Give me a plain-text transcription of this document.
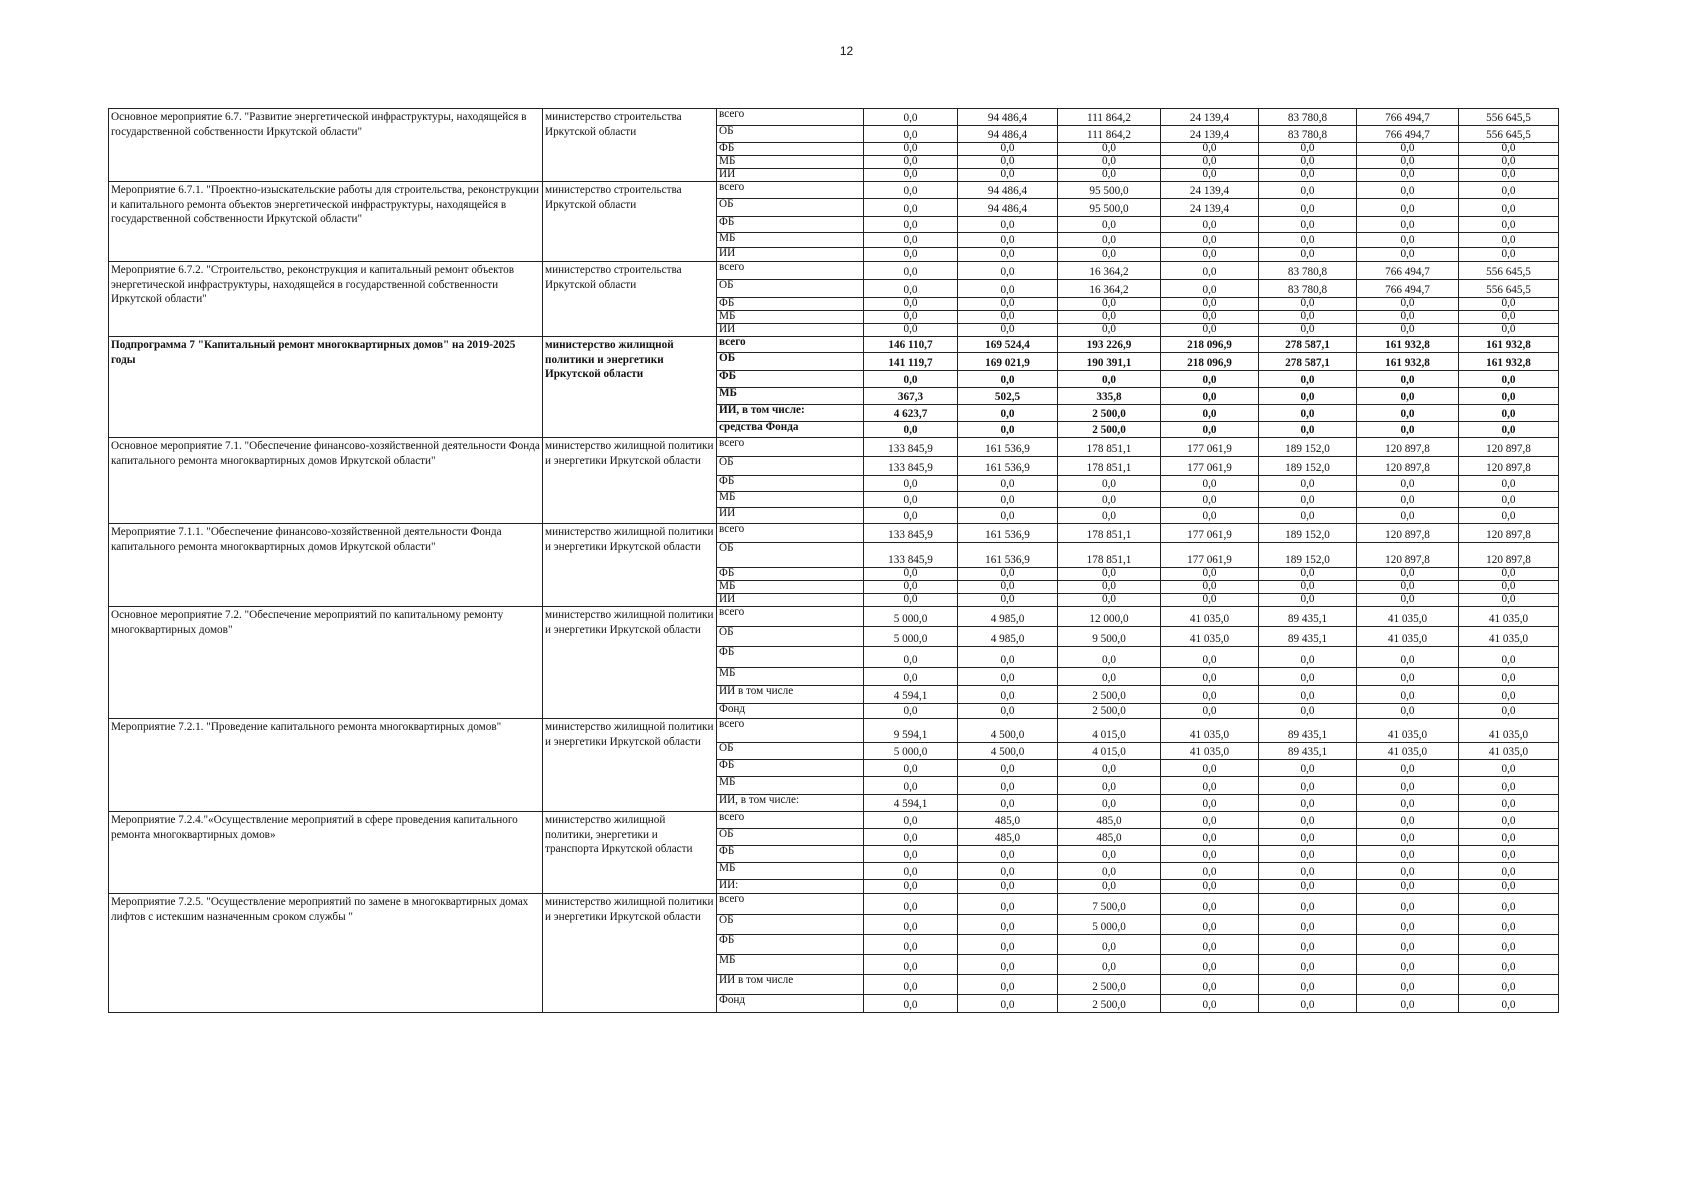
12
Основное мероприятие 6.7. "Развитие энергетической инфраструктуры, находящейся в государственной собственности Иркутской области"	министерство строительства Иркутской области	всего	0,0	94 486,4	111 864,2	24 139,4	83 780,8	766 494,7	556 645,5
		ОБ	0,0	94 486,4	111 864,2	24 139,4	83 780,8	766 494,7	556 645,5
		ФБ	0,0	0,0	0,0	0,0	0,0	0,0	0,0
		МБ	0,0	0,0	0,0	0,0	0,0	0,0	0,0
		ИИ	0,0	0,0	0,0	0,0	0,0	0,0	0,0
Мероприятие 6.7.1. "Проектно-изыскательские работы для строительства, реконструкции и капитального ремонта объектов энергетической инфраструктуры, находящейся в государственной собственности Иркутской области"	министерство строительства Иркутской области	всего	0,0	94 486,4	95 500,0	24 139,4	0,0	0,0	0,0
		ОБ	0,0	94 486,4	95 500,0	24 139,4	0,0	0,0	0,0
		ФБ	0,0	0,0	0,0	0,0	0,0	0,0	0,0
		МБ	0,0	0,0	0,0	0,0	0,0	0,0	0,0
		ИИ	0,0	0,0	0,0	0,0	0,0	0,0	0,0
Мероприятие 6.7.2. "Строительство, реконструкция и капитальный ремонт объектов энергетической инфраструктуры, находящейся в государственной собственности Иркутской области"	министерство строительства Иркутской области	всего	0,0	0,0	16 364,2	0,0	83 780,8	766 494,7	556 645,5
		ОБ	0,0	0,0	16 364,2	0,0	83 780,8	766 494,7	556 645,5
		ФБ	0,0	0,0	0,0	0,0	0,0	0,0	0,0
		МБ	0,0	0,0	0,0	0,0	0,0	0,0	0,0
		ИИ	0,0	0,0	0,0	0,0	0,0	0,0	0,0
Подпрограмма 7 "Капитальный ремонт многоквартирных домов" на 2019-2025 годы	министерство жилищной политики и энергетики Иркутской области	всего	146 110,7	169 524,4	193 226,9	218 096,9	278 587,1	161 932,8	161 932,8
		ОБ	141 119,7	169 021,9	190 391,1	218 096,9	278 587,1	161 932,8	161 932,8
		ФБ	0,0	0,0	0,0	0,0	0,0	0,0	0,0
		МБ	367,3	502,5	335,8	0,0	0,0	0,0	0,0
		ИИ, в том числе:	4 623,7	0,0	2 500,0	0,0	0,0	0,0	0,0
		средства Фонда	0,0	0,0	2 500,0	0,0	0,0	0,0	0,0
Основное мероприятие 7.1. "Обеспечение финансово-хозяйственной деятельности Фонда капитального ремонта многоквартирных домов Иркутской области"	министерство жилищной политики и энергетики Иркутской области	всего	133 845,9	161 536,9	178 851,1	177 061,9	189 152,0	120 897,8	120 897,8
		ОБ	133 845,9	161 536,9	178 851,1	177 061,9	189 152,0	120 897,8	120 897,8
		ФБ	0,0	0,0	0,0	0,0	0,0	0,0	0,0
		МБ	0,0	0,0	0,0	0,0	0,0	0,0	0,0
		ИИ	0,0	0,0	0,0	0,0	0,0	0,0	0,0
Мероприятие 7.1.1. "Обеспечение финансово-хозяйственной деятельности Фонда капитального ремонта многоквартирных домов Иркутской области"	министерство жилищной политики и энергетики Иркутской области	всего	133 845,9	161 536,9	178 851,1	177 061,9	189 152,0	120 897,8	120 897,8
		ОБ	133 845,9	161 536,9	178 851,1	177 061,9	189 152,0	120 897,8	120 897,8
		ФБ	0,0	0,0	0,0	0,0	0,0	0,0	0,0
		МБ	0,0	0,0	0,0	0,0	0,0	0,0	0,0
		ИИ	0,0	0,0	0,0	0,0	0,0	0,0	0,0
Основное мероприятие 7.2. "Обеспечение мероприятий по капитальному ремонту многоквартирных домов"	министерство жилищной политики и энергетики Иркутской области	всего	5 000,0	4 985,0	12 000,0	41 035,0	89 435,1	41 035,0	41 035,0
		ОБ	5 000,0	4 985,0	9 500,0	41 035,0	89 435,1	41 035,0	41 035,0
		ФБ	0,0	0,0	0,0	0,0	0,0	0,0	0,0
		МБ	0,0	0,0	0,0	0,0	0,0	0,0	0,0
		ИИ в том числе	4 594,1	0,0	2 500,0	0,0	0,0	0,0	0,0
		Фонд	0,0	0,0	2 500,0	0,0	0,0	0,0	0,0
Мероприятие 7.2.1. "Проведение капитального ремонта многоквартирных домов"	министерство жилищной политики и энергетики Иркутской области	всего	9 594,1	4 500,0	4 015,0	41 035,0	89 435,1	41 035,0	41 035,0
		ОБ	5 000,0	4 500,0	4 015,0	41 035,0	89 435,1	41 035,0	41 035,0
		ФБ	0,0	0,0	0,0	0,0	0,0	0,0	0,0
		МБ	0,0	0,0	0,0	0,0	0,0	0,0	0,0
		ИИ, в том числе:	4 594,1	0,0	0,0	0,0	0,0	0,0	0,0
Мероприятие 7.2.4."«Осуществление мероприятий в сфере проведения капитального ремонта многоквартирных домов»	министерство жилищной политики, энергетики и транспорта Иркутской области	всего	0,0	485,0	485,0	0,0	0,0	0,0	0,0
		ОБ	0,0	485,0	485,0	0,0	0,0	0,0	0,0
		ФБ	0,0	0,0	0,0	0,0	0,0	0,0	0,0
		МБ	0,0	0,0	0,0	0,0	0,0	0,0	0,0
		ИИ:	0,0	0,0	0,0	0,0	0,0	0,0	0,0
Мероприятие 7.2.5. "Осуществление мероприятий по замене в многоквартирных домах лифтов с истекшим назначенным сроком службы "	министерство жилищной политики и энергетики Иркутской области	всего	0,0	0,0	7 500,0	0,0	0,0	0,0	0,0
		ОБ	0,0	0,0	5 000,0	0,0	0,0	0,0	0,0
		ФБ	0,0	0,0	0,0	0,0	0,0	0,0	0,0
		МБ	0,0	0,0	0,0	0,0	0,0	0,0	0,0
		ИИ в том числе	0,0	0,0	2 500,0	0,0	0,0	0,0	0,0
		Фонд	0,0	0,0	2 500,0	0,0	0,0	0,0	0,0
